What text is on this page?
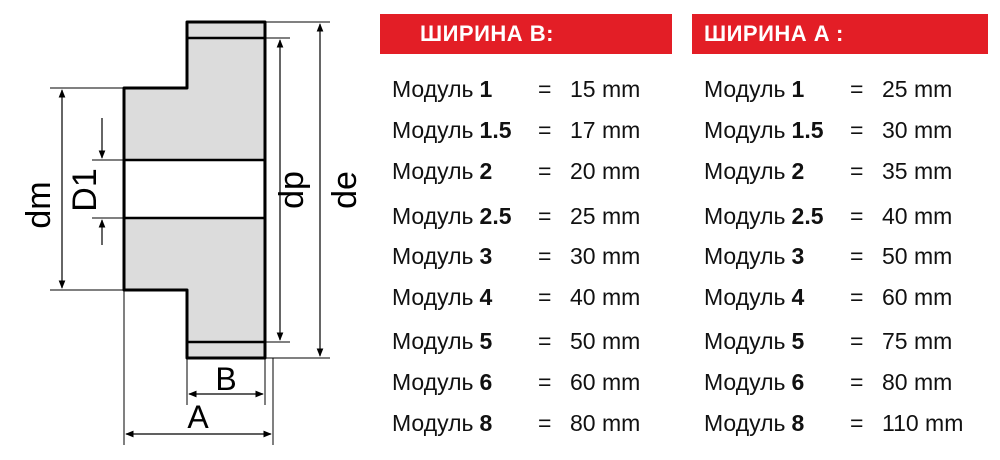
dm D1	dp de
B
A
ШИРИНА B:
Модуль 1 = 15 mm
Модуль 1.5 = 17 mm
Модуль 2 = 20 mm
Модуль 2.5 = 25 mm
Модуль 3 = 30 mm
Модуль 4 = 40 mm
Модуль 5 = 50 mm
Модуль 6 = 60 mm
Модуль 8 = 80 mm
ШИРИНА A :
Модуль 1 = 25 mm
Модуль 1.5 = 30 mm
Модуль 2 = 35 mm
Модуль 2.5 = 40 mm
Модуль 3 = 50 mm
Модуль 4 = 60 mm
Модуль 5 = 75 mm
Модуль 6 = 80 mm
Модуль 8 = 110 mm
